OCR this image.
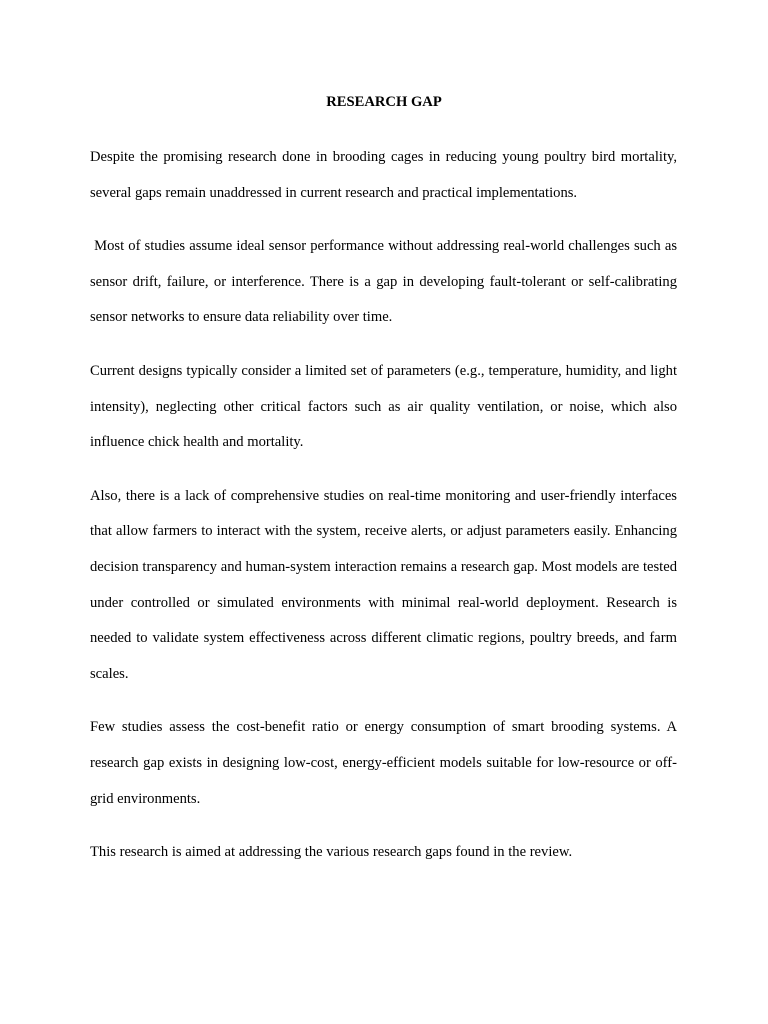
RESEARCH GAP

Despite the promising research done in brooding cages in reducing young poultry bird mortality, several gaps remain unaddressed in current research and practical implementations.

Most of studies assume ideal sensor performance without addressing real-world challenges such as sensor drift, failure, or interference. There is a gap in developing fault-tolerant or self-calibrating sensor networks to ensure data reliability over time.

Current designs typically consider a limited set of parameters (e.g., temperature, humidity, and light intensity), neglecting other critical factors such as air quality ventilation, or noise, which also influence chick health and mortality.

Also, there is a lack of comprehensive studies on real-time monitoring and user-friendly interfaces that allow farmers to interact with the system, receive alerts, or adjust parameters easily. Enhancing decision transparency and human-system interaction remains a research gap. Most models are tested under controlled or simulated environments with minimal real-world deployment. Research is needed to validate system effectiveness across different climatic regions, poultry breeds, and farm scales.

Few studies assess the cost-benefit ratio or energy consumption of smart brooding systems. A research gap exists in designing low-cost, energy-efficient models suitable for low-resource or off-grid environments.

This research is aimed at addressing the various research gaps found in the review.
